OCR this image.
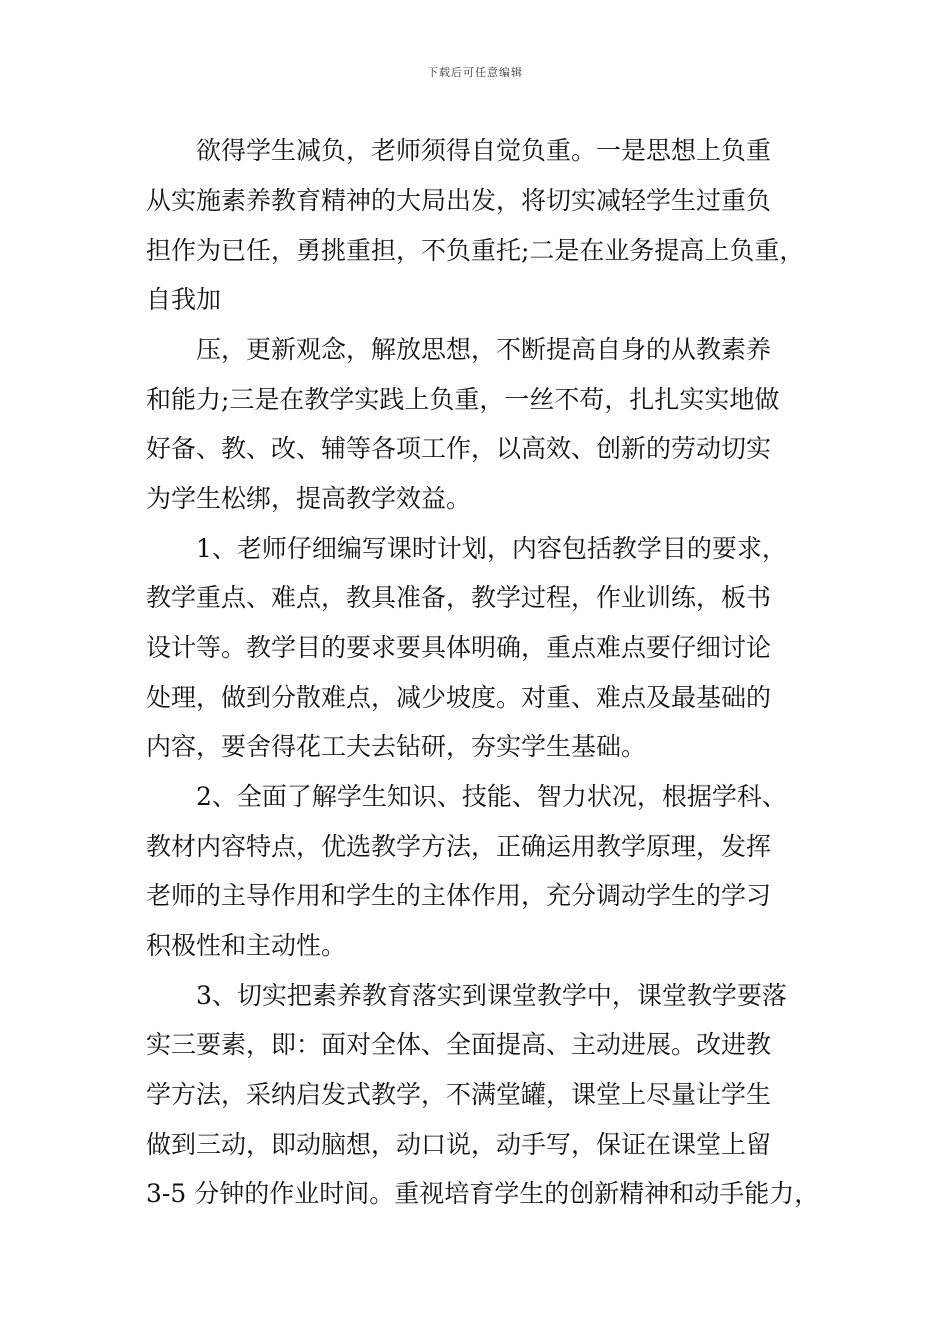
下载后可任意编辑
欲得学生减负，老师须得自觉负重。一是思想上负重
从实施素养教育精神的大局出发，将切实减轻学生过重负
担作为已任，勇挑重担，不负重托;二是在业务提高上负重，
自我加
压，更新观念，解放思想，不断提高自身的从教素养
和能力;三是在教学实践上负重，一丝不苟，扎扎实实地做
好备、教、改、辅等各项工作，以高效、创新的劳动切实
为学生松绑，提高教学效益。
1、老师仔细编写课时计划，内容包括教学目的要求，
教学重点、难点，教具准备，教学过程，作业训练，板书
设计等。教学目的要求要具体明确，重点难点要仔细讨论
处理，做到分散难点，减少坡度。对重、难点及最基础的
内容，要舍得花工夫去钻研，夯实学生基础。
2、全面了解学生知识、技能、智力状况，根据学科、
教材内容特点，优选教学方法，正确运用教学原理，发挥
老师的主导作用和学生的主体作用，充分调动学生的学习
积极性和主动性。
3、切实把素养教育落实到课堂教学中，课堂教学要落
实三要素，即：面对全体、全面提高、主动进展。改进教
学方法，采纳启发式教学，不满堂罐，课堂上尽量让学生
做到三动，即动脑想，动口说，动手写，保证在课堂上留
3-5 分钟的作业时间。重视培育学生的创新精神和动手能力，
